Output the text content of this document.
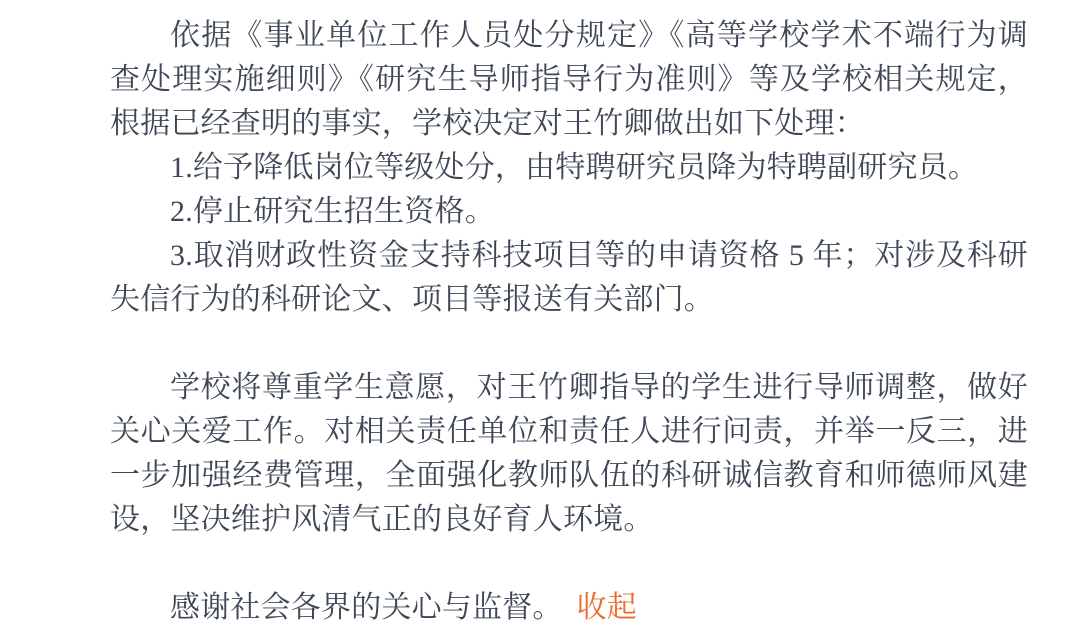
依据《事业单位工作人员处分规定》《高等学校学术不端行为调查处理实施细则》《研究生导师指导行为准则》等及学校相关规定，根据已经查明的事实，学校决定对王竹卿做出如下处理：

1.给予降低岗位等级处分，由特聘研究员降为特聘副研究员。

2.停止研究生招生资格。

3.取消财政性资金支持科技项目等的申请资格 5 年；对涉及科研失信行为的科研论文、项目等报送有关部门。

学校将尊重学生意愿，对王竹卿指导的学生进行导师调整，做好关心关爱工作。对相关责任单位和责任人进行问责，并举一反三，进一步加强经费管理，全面强化教师队伍的科研诚信教育和师德师风建设，坚决维护风清气正的良好育人环境。

感谢社会各界的关心与监督。 收起
